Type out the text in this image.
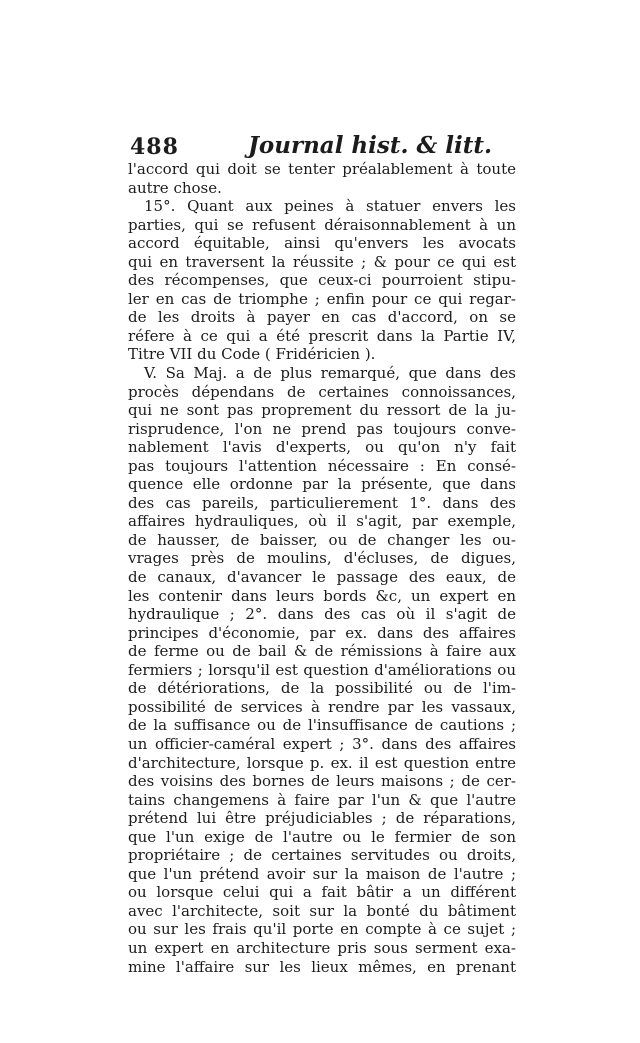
488	Journal hist. & litt.
l'accord qui doit se tenter préalablement à toute
autre chose.
15°. Quant aux peines à statuer envers les
parties, qui se refusent déraisonnablement à un
accord équitable, ainsi qu'envers les avocats
qui en traversent la réussite ; & pour ce qui est
des récompenses, que ceux-ci pourroient stipu-
ler en cas de triomphe ; enfin pour ce qui regar-
de les droits à payer en cas d'accord, on se
réfere à ce qui a été prescrit dans la Partie IV,
Titre VII du Code ( Fridéricien ).
V. Sa Maj. a de plus remarqué, que dans des
procès dépendans de certaines connoissances,
qui ne sont pas proprement du ressort de la ju-
risprudence, l'on ne prend pas toujours conve-
nablement l'avis d'experts, ou qu'on n'y fait
pas toujours l'attention nécessaire : En consé-
quence elle ordonne par la présente, que dans
des cas pareils, particulierement 1°. dans des
affaires hydrauliques, où il s'agit, par exemple,
de hausser, de baisser, ou de changer les ou-
vrages près de moulins, d'écluses, de digues,
de canaux, d'avancer le passage des eaux, de
les contenir dans leurs bords &c, un expert en
hydraulique ; 2°. dans des cas où il s'agit de
principes d'économie, par ex. dans des affaires
de ferme ou de bail & de rémissions à faire aux
fermiers ; lorsqu'il est question d'améliorations ou
de détériorations, de la possibilité ou de l'im-
possibilité de services à rendre par les vassaux,
de la suffisance ou de l'insuffisance de cautions ;
un officier-caméral expert ; 3°. dans des affaires
d'architecture, lorsque p. ex. il est question entre
des voisins des bornes de leurs maisons ; de cer-
tains changemens à faire par l'un & que l'autre
prétend lui être préjudiciables ; de réparations,
que l'un exige de l'autre ou le fermier de son
propriétaire ; de certaines servitudes ou droits,
que l'un prétend avoir sur la maison de l'autre ;
ou lorsque celui qui a fait bâtir a un différent
avec l'architecte, soit sur la bonté du bâtiment
ou sur les frais qu'il porte en compte à ce sujet ;
un expert en architecture pris sous serment exa-
mine l'affaire sur les lieux mêmes, en prenant
